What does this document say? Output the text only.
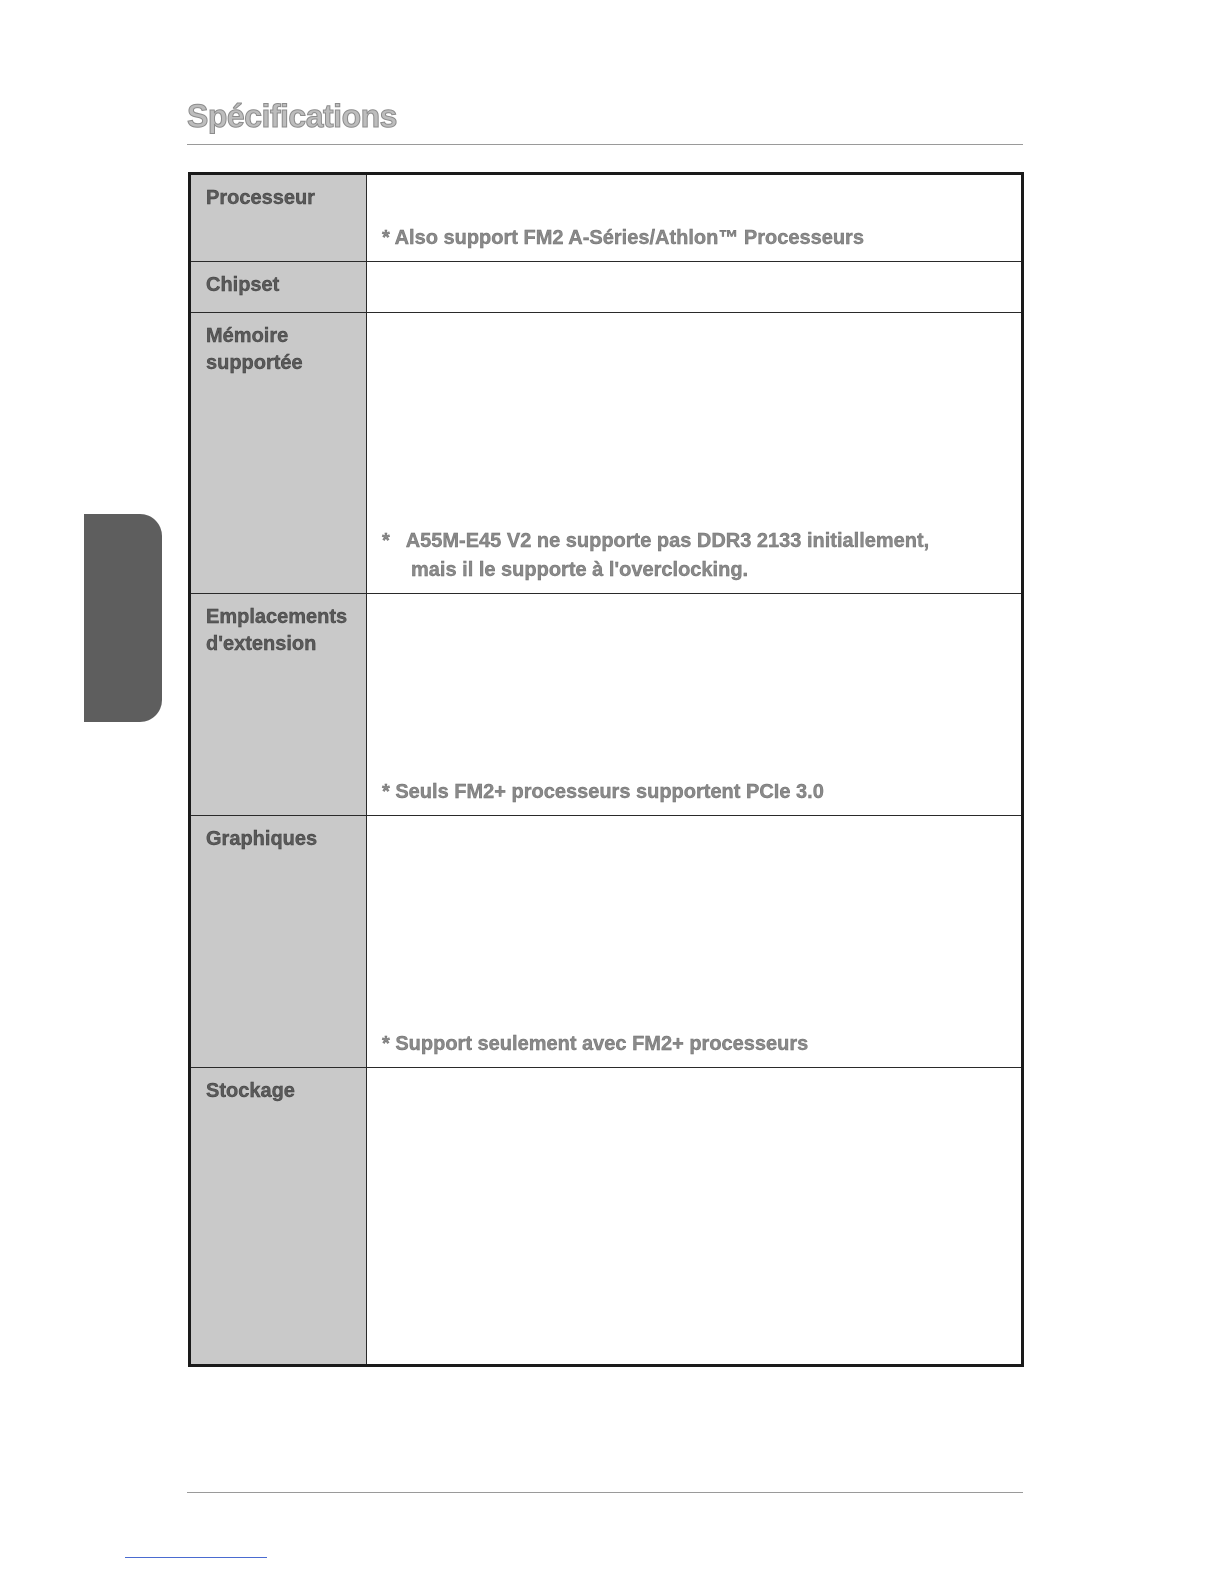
Spécifications
Processeur

* Also support FM2 A-Séries/Athlon™ Processeurs

Chipset
Mémoire supportée

*   A55M-E45 V2 ne supporte pas DDR3 2133 initiallement,
mais il le supporte à l'overclocking.

Emplacements d'extension

* Seuls FM2+ processeurs supportent PCIe 3.0

Graphiques

* Support seulement avec FM2+ processeurs

Stockage
